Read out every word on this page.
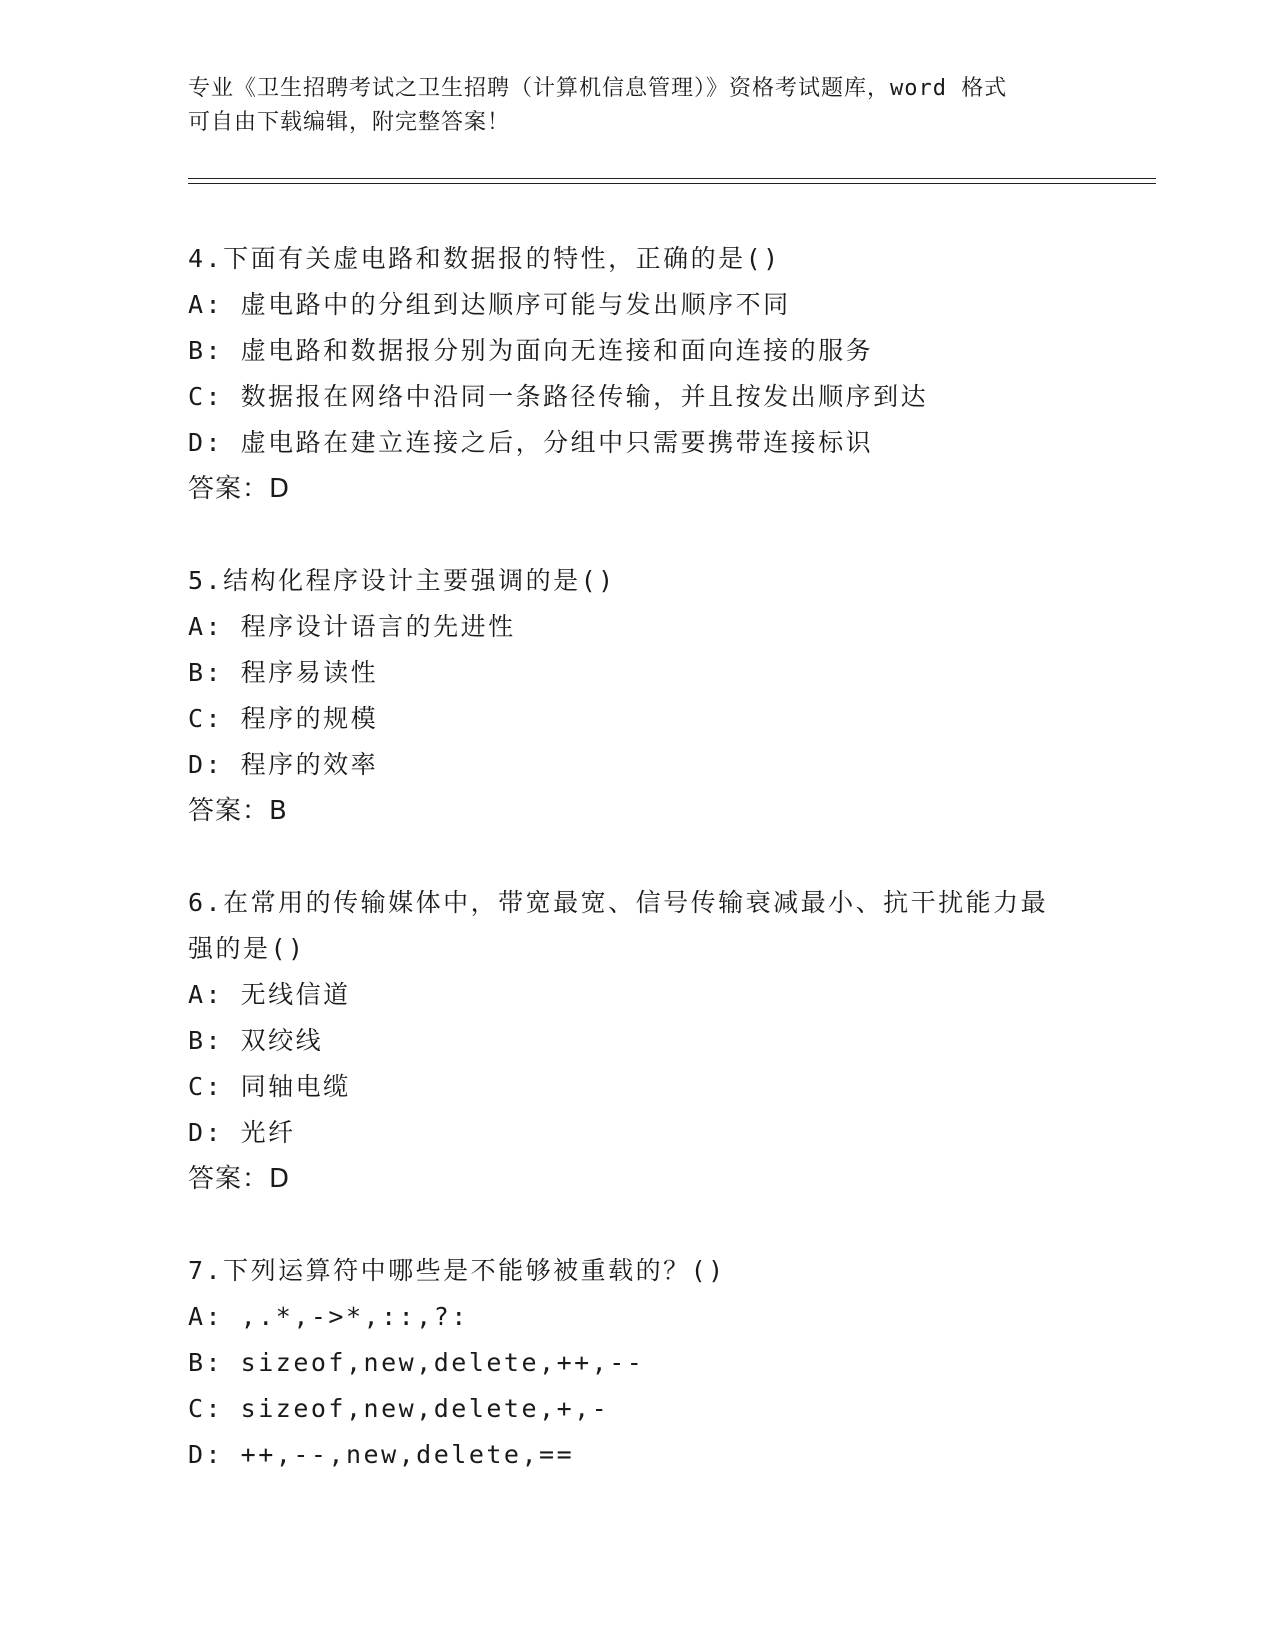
专业《卫生招聘考试之卫生招聘（计算机信息管理）》资格考试题库，word 格式
可自由下载编辑，附完整答案！
4.下面有关虚电路和数据报的特性，正确的是()
A: 虚电路中的分组到达顺序可能与发出顺序不同
B: 虚电路和数据报分别为面向无连接和面向连接的服务
C: 数据报在网络中沿同一条路径传输，并且按发出顺序到达
D: 虚电路在建立连接之后，分组中只需要携带连接标识
答案：D
5.结构化程序设计主要强调的是()
A: 程序设计语言的先进性
B: 程序易读性
C: 程序的规模
D: 程序的效率
答案：B
6.在常用的传输媒体中，带宽最宽、信号传输衰减最小、抗干扰能力最强的是()
A: 无线信道
B: 双绞线
C: 同轴电缆
D: 光纤
答案：D
7.下列运算符中哪些是不能够被重载的？()
A: ,.*,->*,::,?:
B: sizeof,new,delete,++,--
C: sizeof,new,delete,+,-
D: ++,--,new,delete,==
